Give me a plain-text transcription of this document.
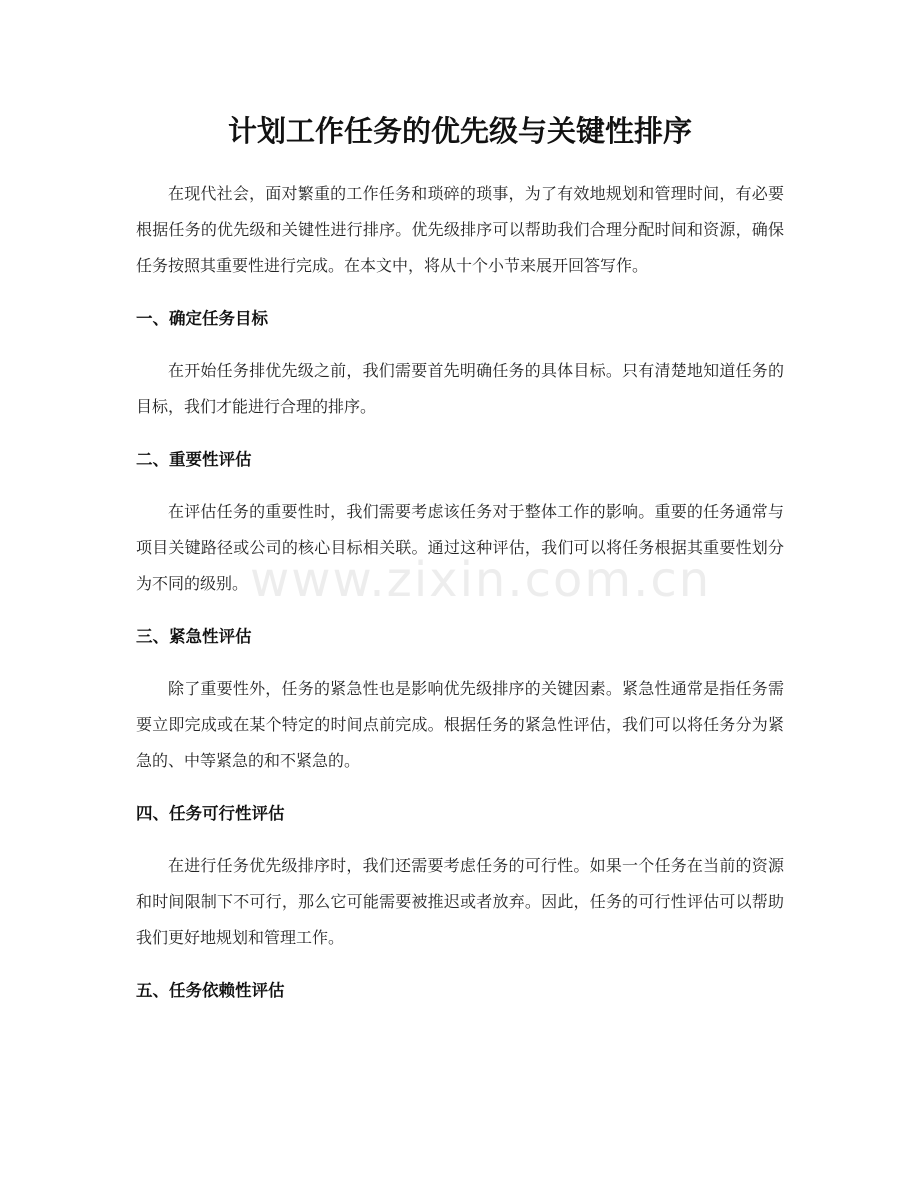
计划工作任务的优先级与关键性排序

在现代社会，面对繁重的工作任务和琐碎的琐事，为了有效地规划和管理时间，有必要根据任务的优先级和关键性进行排序。优先级排序可以帮助我们合理分配时间和资源，确保任务按照其重要性进行完成。在本文中，将从十个小节来展开回答写作。

一、确定任务目标

在开始任务排优先级之前，我们需要首先明确任务的具体目标。只有清楚地知道任务的目标，我们才能进行合理的排序。

二、重要性评估

在评估任务的重要性时，我们需要考虑该任务对于整体工作的影响。重要的任务通常与项目关键路径或公司的核心目标相关联。通过这种评估，我们可以将任务根据其重要性划分为不同的级别。

三、紧急性评估

除了重要性外，任务的紧急性也是影响优先级排序的关键因素。紧急性通常是指任务需要立即完成或在某个特定的时间点前完成。根据任务的紧急性评估，我们可以将任务分为紧急的、中等紧急的和不紧急的。

四、任务可行性评估

在进行任务优先级排序时，我们还需要考虑任务的可行性。如果一个任务在当前的资源和时间限制下不可行，那么它可能需要被推迟或者放弃。因此，任务的可行性评估可以帮助我们更好地规划和管理工作。

五、任务依赖性评估
www.zixin.com.cn
